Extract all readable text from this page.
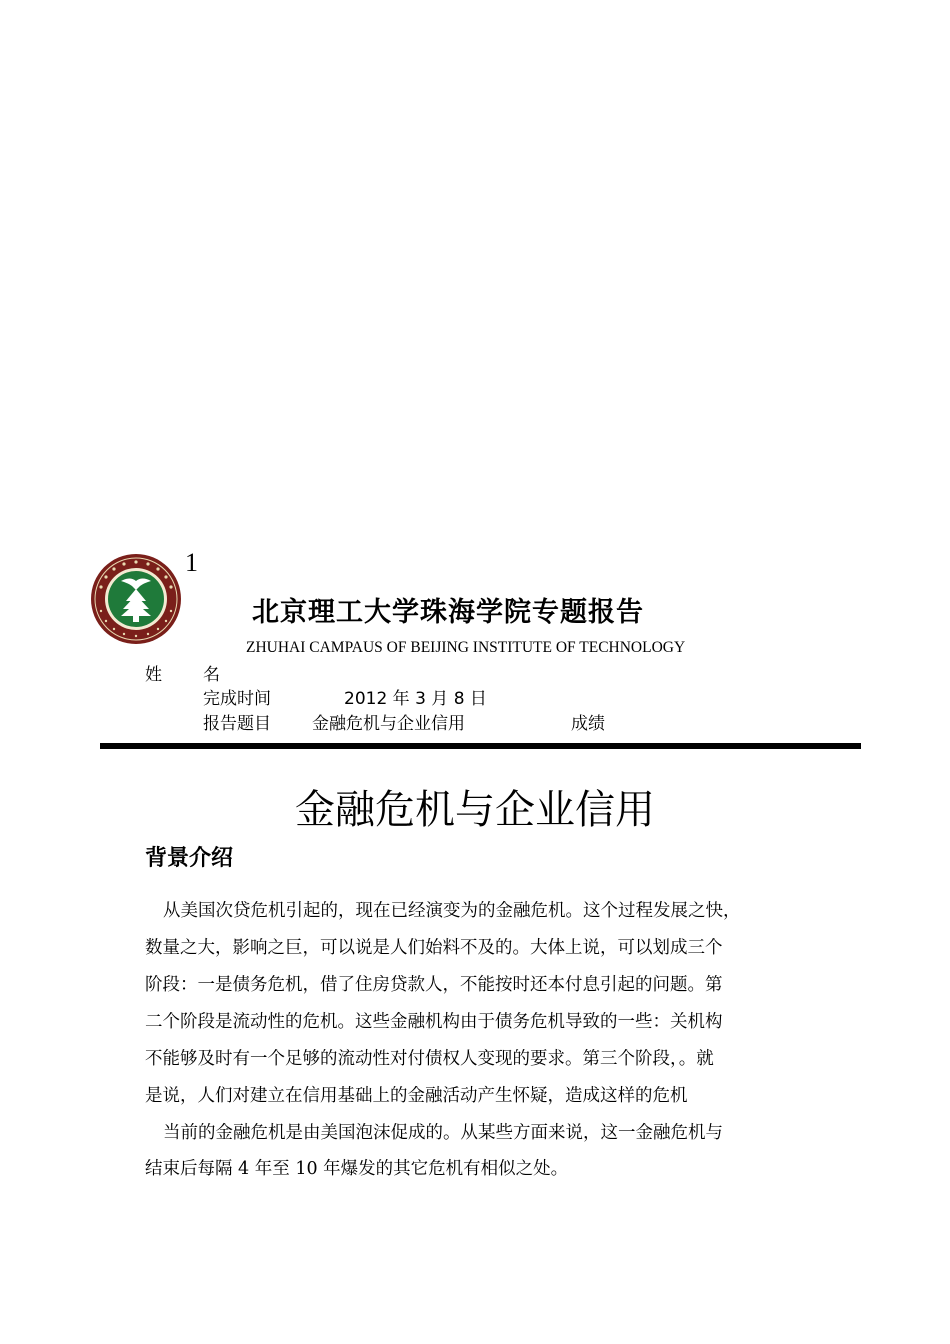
1
北京理工大学珠海学院专题报告
ZHUHAI CAMPAUS OF BEIJING INSTITUTE OF TECHNOLOGY
姓 名
完成时间	2012 年 3 月 8 日
报告题目 金融危机与企业信用	成绩
金融危机与企业信用
背景介绍
从美国次贷危机引起的，现在已经演变为的金融危机。这个过程发展之快，
数量之大，影响之巨，可以说是人们始料不及的。大体上说，可以划成三个
阶段：一是债务危机，借了住房贷款人，不能按时还本付息引起的问题。第
二个阶段是流动性的危机。这些金融机构由于债务危机导致的一些：关机构
不能够及时有一个足够的流动性对付债权人变现的要求。第三个阶段，。就
是说，人们对建立在信用基础上的金融活动产生怀疑，造成这样的危机
当前的金融危机是由美国泡沫促成的。从某些方面来说，这一金融危机与
结束后每隔 4 年至 10 年爆发的其它危机有相似之处。
